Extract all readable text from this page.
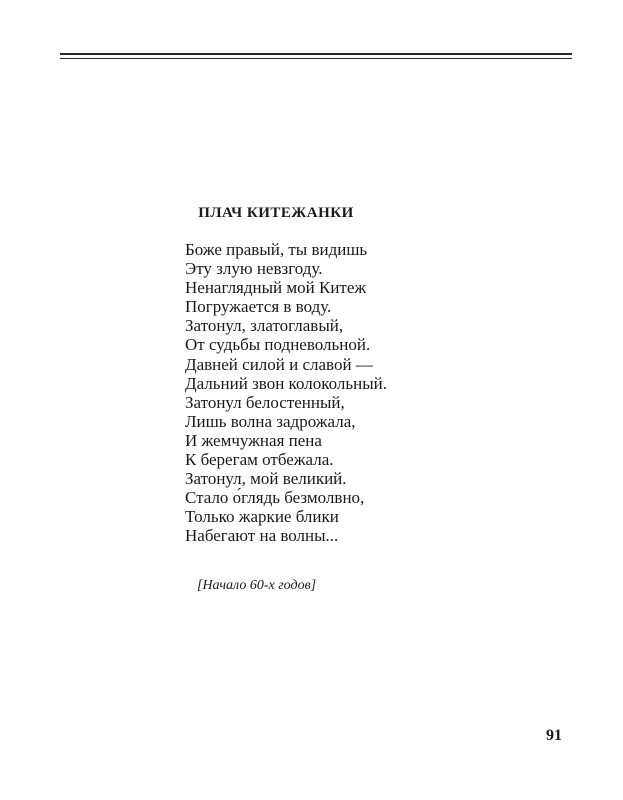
ПЛАЧ КИТЕЖАНКИ
Боже правый, ты видишь
Эту злую невзгоду.
Ненаглядный мой Китеж
Погружается в воду.
Затонул, златоглавый,
От судьбы подневольной.
Давней силой и славой —
Дальний звон колокольный.
Затонул белостенный,
Лишь волна задрожала,
И жемчужная пена
К берегам отбежала.
Затонул, мой великий.
Стало о́глядь безмолвно,
Только жаркие блики
Набегают на волны...
[Начало 60-х годов]
91
